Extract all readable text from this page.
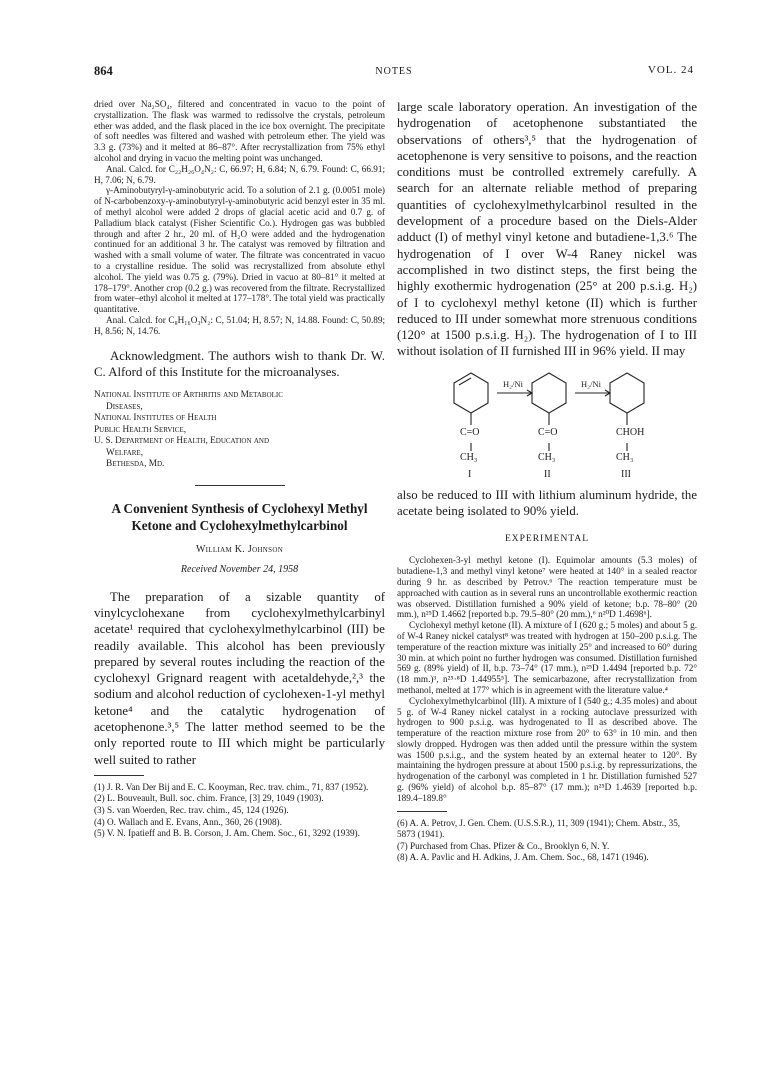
864	NOTES	VOL. 24

dried over Na₂SO₄, filtered and concentrated in vacuo to the point of crystallization. The flask was warmed to redissolve the crystals, petroleum ether was added, and the flask placed in the ice box overnight. The precipitate of soft needles was filtered and washed with petroleum ether. The yield was 3.3 g. (73%) and it melted at 86–87°. After recrystallization from 75% ethyl alcohol and drying in vacuo the melting point was unchanged.

Anal. Calcd. for C₂₂H₂₆O₄N₂: C, 66.97; H, 6.84; N, 6.79. Found: C, 66.91; H, 7.06; N, 6.79.

γ-Aminobutyryl-γ-aminobutyric acid. To a solution of 2.1 g. (0.0051 mole) of N-carbobenzoxy-γ-aminobutyryl-γ-aminobutyric acid benzyl ester in 35 ml. of methyl alcohol were added 2 drops of glacial acetic acid and 0.7 g. of Palladium black catalyst (Fisher Scientific Co.). Hydrogen gas was bubbled through and after 2 hr., 20 ml. of H₂O were added and the hydrogenation continued for an additional 3 hr. The catalyst was removed by filtration and washed with a small volume of water. The filtrate was concentrated in vacuo to a crystalline residue. The solid was recrystallized from absolute ethyl alcohol. The yield was 0.75 g. (79%). Dried in vacuo at 80–81° it melted at 178–179°. Another crop (0.2 g.) was recovered from the filtrate. Recrystallized from water–ethyl alcohol it melted at 177–178°. The total yield was practically quantitative.

Anal. Calcd. for C₈H₁₆O₃N₂: C, 51.04; H, 8.57; N, 14.88. Found: C, 50.89; H, 8.56; N, 14.76.

Acknowledgment. The authors wish to thank Dr. W. C. Alford of this Institute for the microanalyses.

National Institute of Arthritis and Metabolic
Diseases,
National Institutes of Health
Public Health Service,
U. S. Department of Health, Education and
Welfare,
Bethesda, Md.
A Convenient Synthesis of Cyclohexyl Methyl Ketone and Cyclohexylmethylcarbinol
William K. Johnson
Received November 24, 1958

The preparation of a sizable quantity of vinylcyclohexane from cyclohexylmethylcarbinyl acetate¹ required that cyclohexylmethylcarbinol (III) be readily available. This alcohol has been previously prepared by several routes including the reaction of the cyclohexyl Grignard reagent with acetaldehyde,²,³ the sodium and alcohol reduction of cyclohexen-1-yl methyl ketone⁴ and the catalytic hydrogenation of acetophenone.³,⁵ The latter method seemed to be the only reported route to III which might be particularly well suited to rather

(1) J. R. Van Der Bij and E. C. Kooyman, Rec. trav. chim., 71, 837 (1952).

(2) L. Bouveault, Bull. soc. chim. France, [3] 29, 1049 (1903).

(3) S. van Woerden, Rec. trav. chim., 45, 124 (1926).

(4) O. Wallach and E. Evans, Ann., 360, 26 (1908).

(5) V. N. Ipatieff and B. B. Corson, J. Am. Chem. Soc., 61, 3292 (1939).

large scale laboratory operation. An investigation of the hydrogenation of acetophenone substantiated the observations of others³,⁵ that the hydrogenation of acetophenone is very sensitive to poisons, and the reaction conditions must be controlled extremely carefully. A search for an alternate reliable method of preparing quantities of cyclohexylmethylcarbinol resulted in the development of a procedure based on the Diels-Alder adduct (I) of methyl vinyl ketone and butadiene-1,3.⁶ The hydrogenation of I over W-4 Raney nickel was accomplished in two distinct steps, the first being the highly exothermic hydrogenation (25° at 200 p.s.i.g. H₂) of I to cyclohexyl methyl ketone (II) which is further reduced to III under somewhat more strenuous conditions (120° at 1500 p.s.i.g. H₂). The hydrogenation of I to III without isolation of II furnished III in 96% yield. II may

H₂/Ni	H₂/Ni
C=O	C=O	CHOH
CH₃	CH₃	CH₃
I	II	III

also be reduced to III with lithium aluminum hydride, the acetate being isolated to 90% yield.

EXPERIMENTAL

Cyclohexen-3-yl methyl ketone (I). Equimolar amounts (5.3 moles) of butadiene-1,3 and methyl vinyl ketone⁷ were heated at 140° in a sealed reactor during 9 hr. as described by Petrov.⁶ The reaction temperature must be approached with caution as in several runs an uncontrollable exothermic reaction was observed. Distillation furnished a 90% yield of ketone; b.p. 78–80° (20 mm.), n²⁵D 1.4662 [reported b.p. 79.5–80° (20 mm.),⁶ n²⁰D 1.4698⁶].

Cyclohexyl methyl ketone (II). A mixture of I (620 g.; 5 moles) and about 5 g. of W-4 Raney nickel catalyst⁸ was treated with hydrogen at 150–200 p.s.i.g. The temperature of the reaction mixture was initially 25° and increased to 60° during 30 min. at which point no further hydrogen was consumed. Distillation furnished 569 g. (89% yield) of II, b.p. 73–74° (17 mm.), n²⁵D 1.4494 [reported b.p. 72° (18 mm.)³, n²⁵·⁸D 1.44955⁵]. The semicarbazone, after recrystallization from methanol, melted at 177° which is in agreement with the literature value.⁴

Cyclohexylmethylcarbinol (III). A mixture of I (540 g.; 4.35 moles) and about 5 g. of W-4 Raney nickel catalyst in a rocking autoclave pressurized with hydrogen to 900 p.s.i.g. was hydrogenated to II as described above. The temperature of the reaction mixture rose from 20° to 63° in 10 min. and then slowly dropped. Hydrogen was then added until the pressure within the system was 1500 p.s.i.g., and the system heated by an external heater to 120°. By maintaining the hydrogen pressure at about 1500 p.s.i.g. by repressurizations, the hydrogenation of the carbonyl was completed in 1 hr. Distillation furnished 527 g. (96% yield) of alcohol b.p. 85–87° (17 mm.); n²⁵D 1.4639 [reported b.p. 189.4–189.8°

(6) A. A. Petrov, J. Gen. Chem. (U.S.S.R.), 11, 309 (1941); Chem. Abstr., 35, 5873 (1941).

(7) Purchased from Chas. Pfizer & Co., Brooklyn 6, N. Y.

(8) A. A. Pavlic and H. Adkins, J. Am. Chem. Soc., 68, 1471 (1946).
